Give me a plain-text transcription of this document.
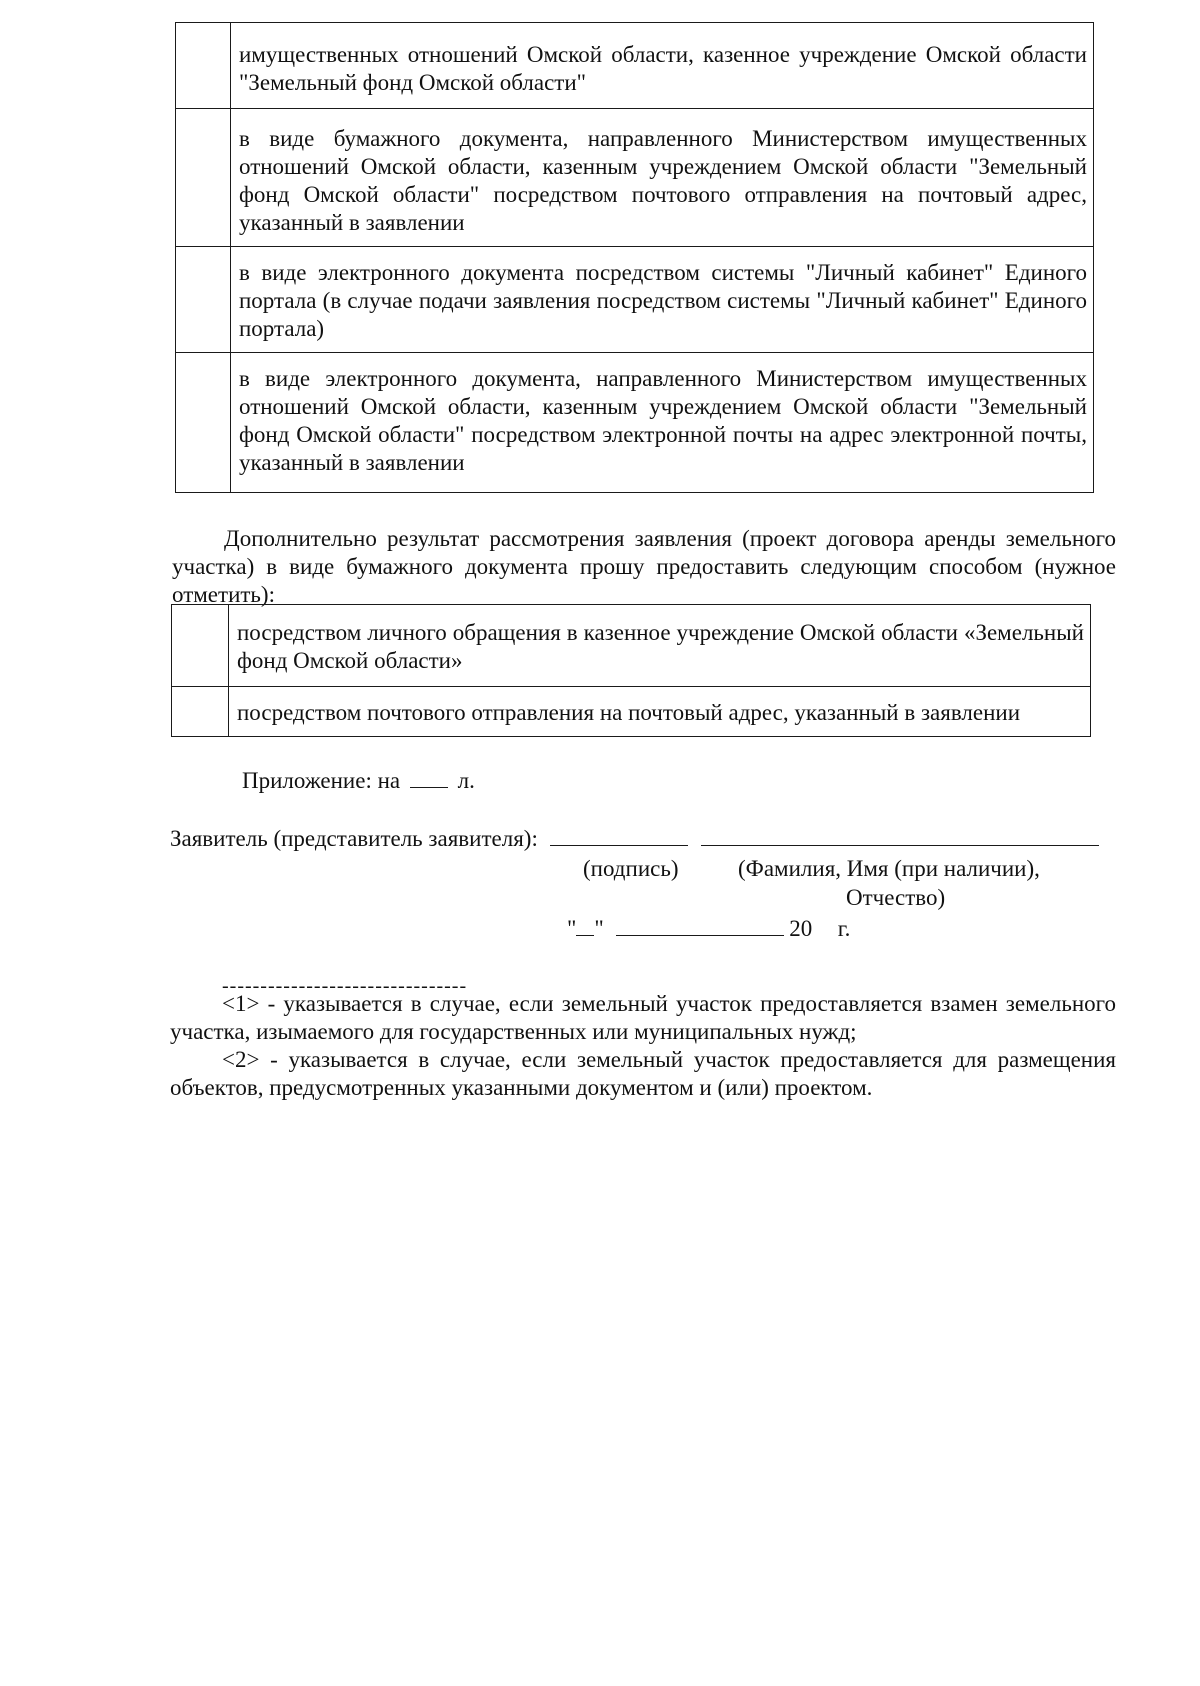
	имущественных отношений Омской области, казенное учреждение Омской области "Земельный фонд Омской области"
	в виде бумажного документа, направленного Министерством имущественных отношений Омской области, казенным учреждением Омской области "Земельный фонд Омской области" посредством почтового отправления на почтовый адрес, указанный в заявлении
	в виде электронного документа посредством системы "Личный кабинет" Единого портала (в случае подачи заявления посредством системы "Личный кабинет" Единого портала)
	в виде электронного документа, направленного Министерством имущественных отношений Омской области, казенным учреждением Омской области "Земельный фонд Омской области" посредством электронной почты на адрес электронной почты, указанный в заявлении
Дополнительно результат рассмотрения заявления (проект договора аренды земельного участка) в виде бумажного документа прошу предоставить следующим способом (нужное отметить):
	посредством личного обращения в казенное учреждение Омской области «Земельный фонд Омской области»
	посредством почтового отправления на почтовый адрес, указанный в заявлении
Приложение: на	л.
Заявитель (представитель заявителя):
(подпись)	(Фамилия, Имя (при наличии),
Отчество)
" "	20 г.
--------------------------------

<1> - указывается в случае, если земельный участок предоставляется взамен земельного участка, изымаемого для государственных или муниципальных нужд;

<2> - указывается в случае, если земельный участок предоставляется для размещения объектов, предусмотренных указанными документом и (или) проектом.
